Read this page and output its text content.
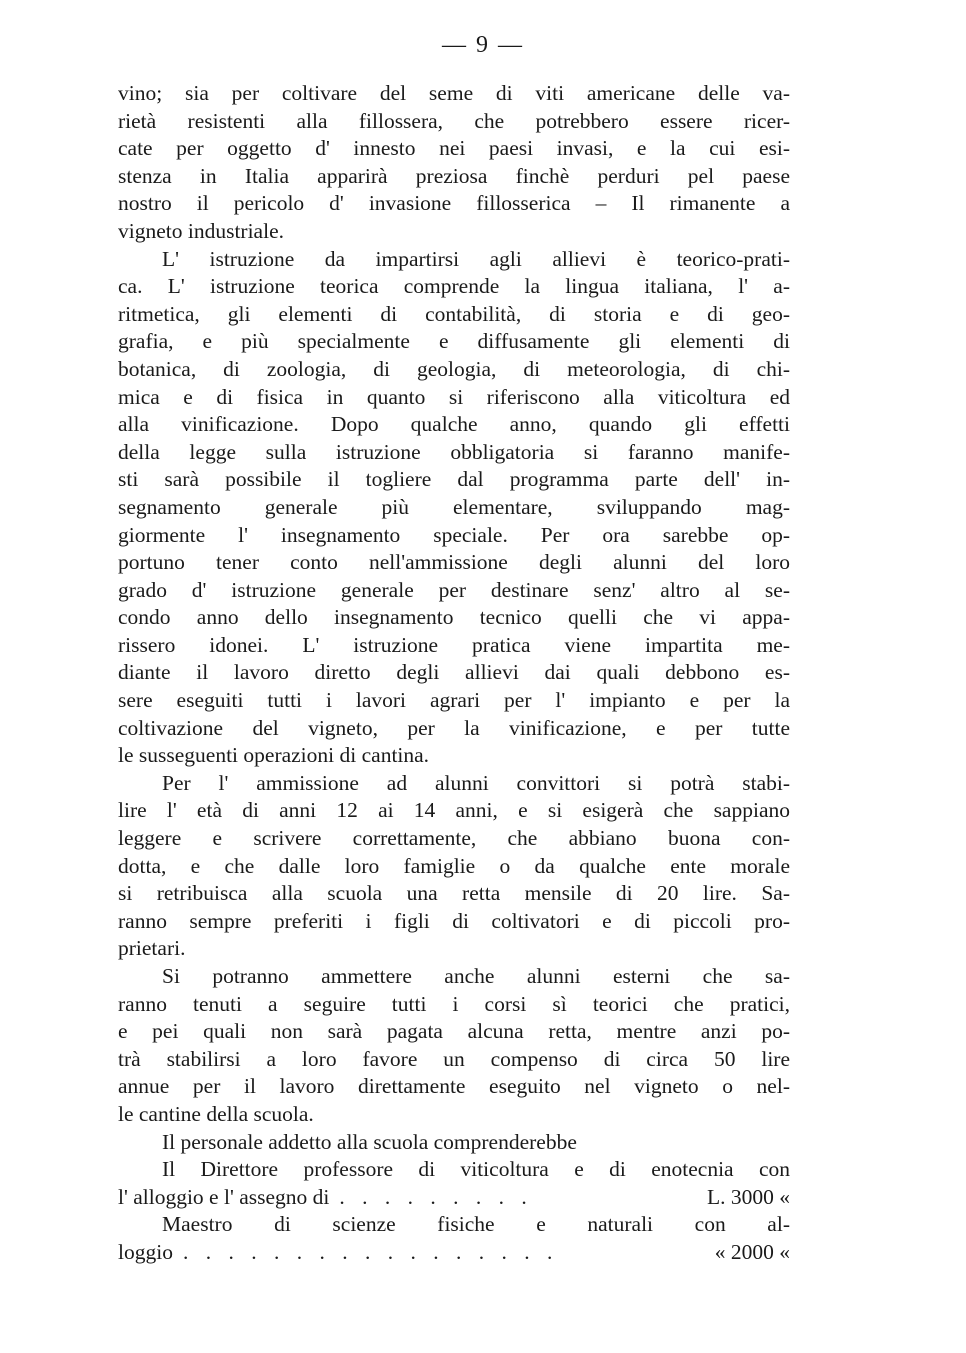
— 9 —
vino; sia per coltivare del seme di viti americane delle va-
rietà resistenti alla fillossera, che potrebbero essere ricer-
cate per oggetto d' innesto nei paesi invasi, e la cui esi-
stenza in Italia apparirà preziosa finchè perduri pel paese
nostro il pericolo d' invasione fillosserica – Il rimanente a
vigneto industriale.
L' istruzione da impartirsi agli allievi è teorico-prati-
ca. L' istruzione teorica comprende la lingua italiana, l' a-
ritmetica, gli elementi di contabilità, di storia e di geo-
grafia, e più specialmente e diffusamente gli elementi di
botanica, di zoologia, di geologia, di meteorologia, di chi-
mica e di fisica in quanto si riferiscono alla viticoltura ed
alla vinificazione. Dopo qualche anno, quando gli effetti
della legge sulla istruzione obbligatoria si faranno manife-
sti sarà possibile il togliere dal programma parte dell' in-
segnamento generale più elementare, sviluppando mag-
giormente l' insegnamento speciale. Per ora sarebbe op-
portuno tener conto nell'ammissione degli alunni del loro
grado d' istruzione generale per destinare senz' altro al se-
condo anno dello insegnamento tecnico quelli che vi appa-
rissero idonei. L' istruzione pratica viene impartita me-
diante il lavoro diretto degli allievi dai quali debbono es-
sere eseguiti tutti i lavori agrari per l' impianto e per la
coltivazione del vigneto, per la vinificazione, e per tutte
le susseguenti operazioni di cantina.
Per l' ammissione ad alunni convittori si potrà stabi-
lire l' età di anni 12 ai 14 anni, e si esigerà che sappiano
leggere e scrivere correttamente, che abbiano buona con-
dotta, e che dalle loro famiglie o da qualche ente morale
si retribuisca alla scuola una retta mensile di 20 lire. Sa-
ranno sempre preferiti i figli di coltivatori e di piccoli pro-
prietari.
Si potranno ammettere anche alunni esterni che sa-
ranno tenuti a seguire tutti i corsi sì teorici che pratici,
e pei quali non sarà pagata alcuna retta, mentre anzi po-
trà stabilirsi a loro favore un compenso di circa 50 lire
annue per il lavoro direttamente eseguito nel vigneto o nel-
le cantine della scuola.
Il personale addetto alla scuola comprenderebbe
Il Direttore professore di viticoltura e di enotecnia con
l' alloggio e l' assegno di . . . . . . . . .	L. 3000 «
Maestro di scienze fisiche e naturali con al-
loggio . . . . . . . . . . . . . . . . .	« 2000 «
